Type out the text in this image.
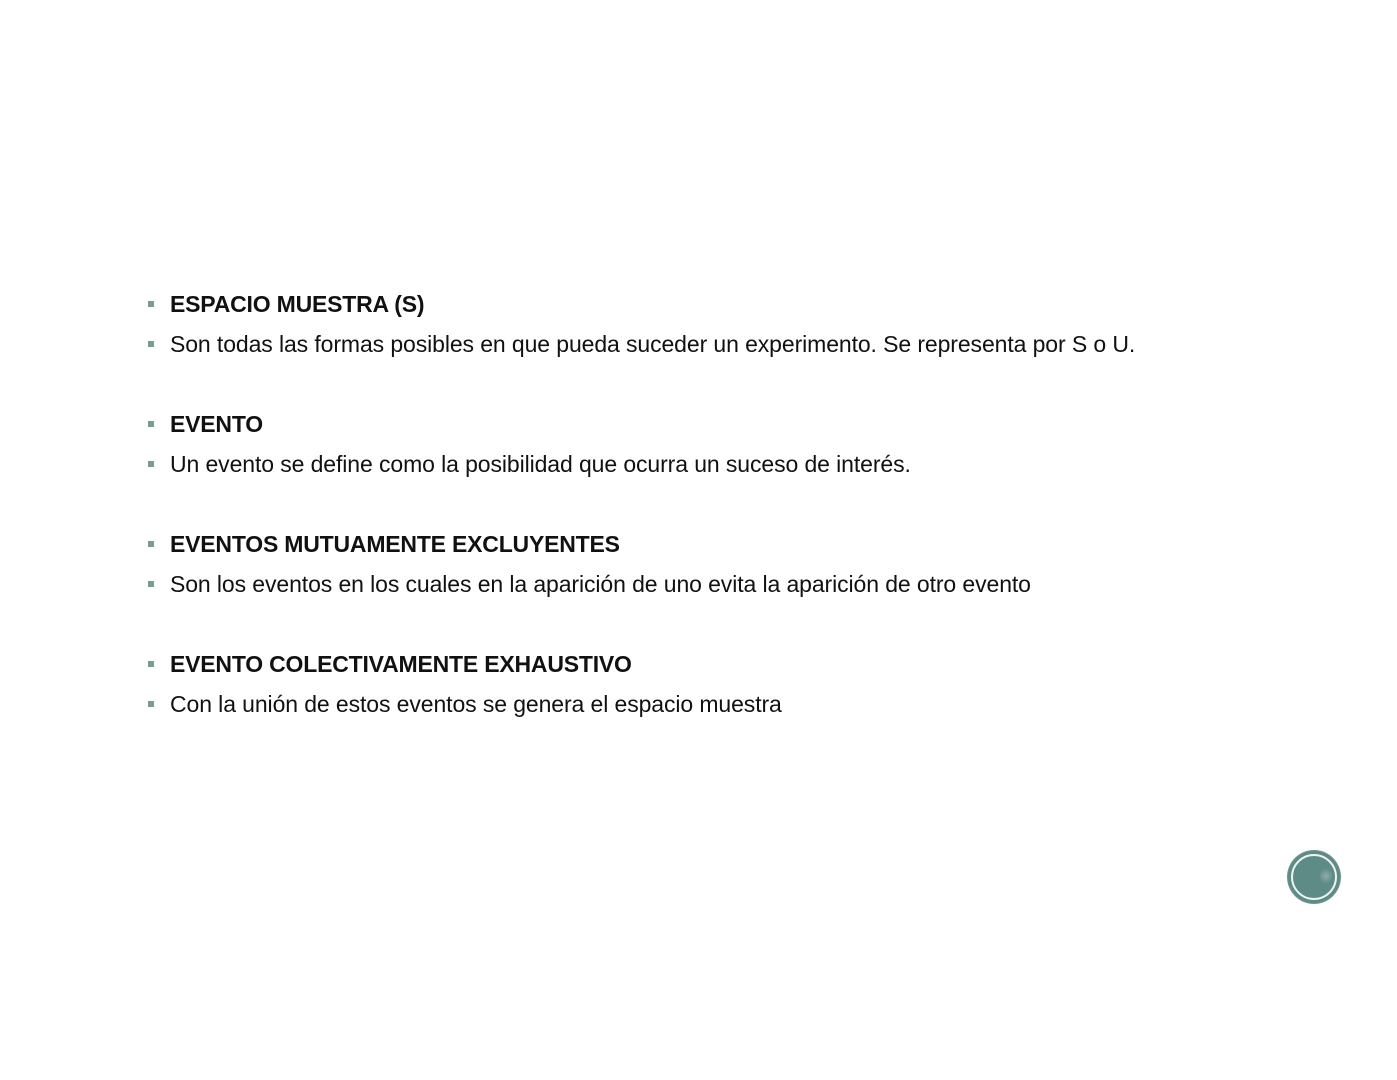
ESPACIO MUESTRA (S)
Son todas las formas posibles en que pueda suceder un experimento. Se representa por S o U.
EVENTO
Un evento se define como la posibilidad que ocurra un suceso de interés.
EVENTOS MUTUAMENTE EXCLUYENTES
Son los eventos en los cuales en la aparición de uno evita la aparición de otro evento
EVENTO COLECTIVAMENTE EXHAUSTIVO
Con la unión de estos eventos se genera el espacio muestra
